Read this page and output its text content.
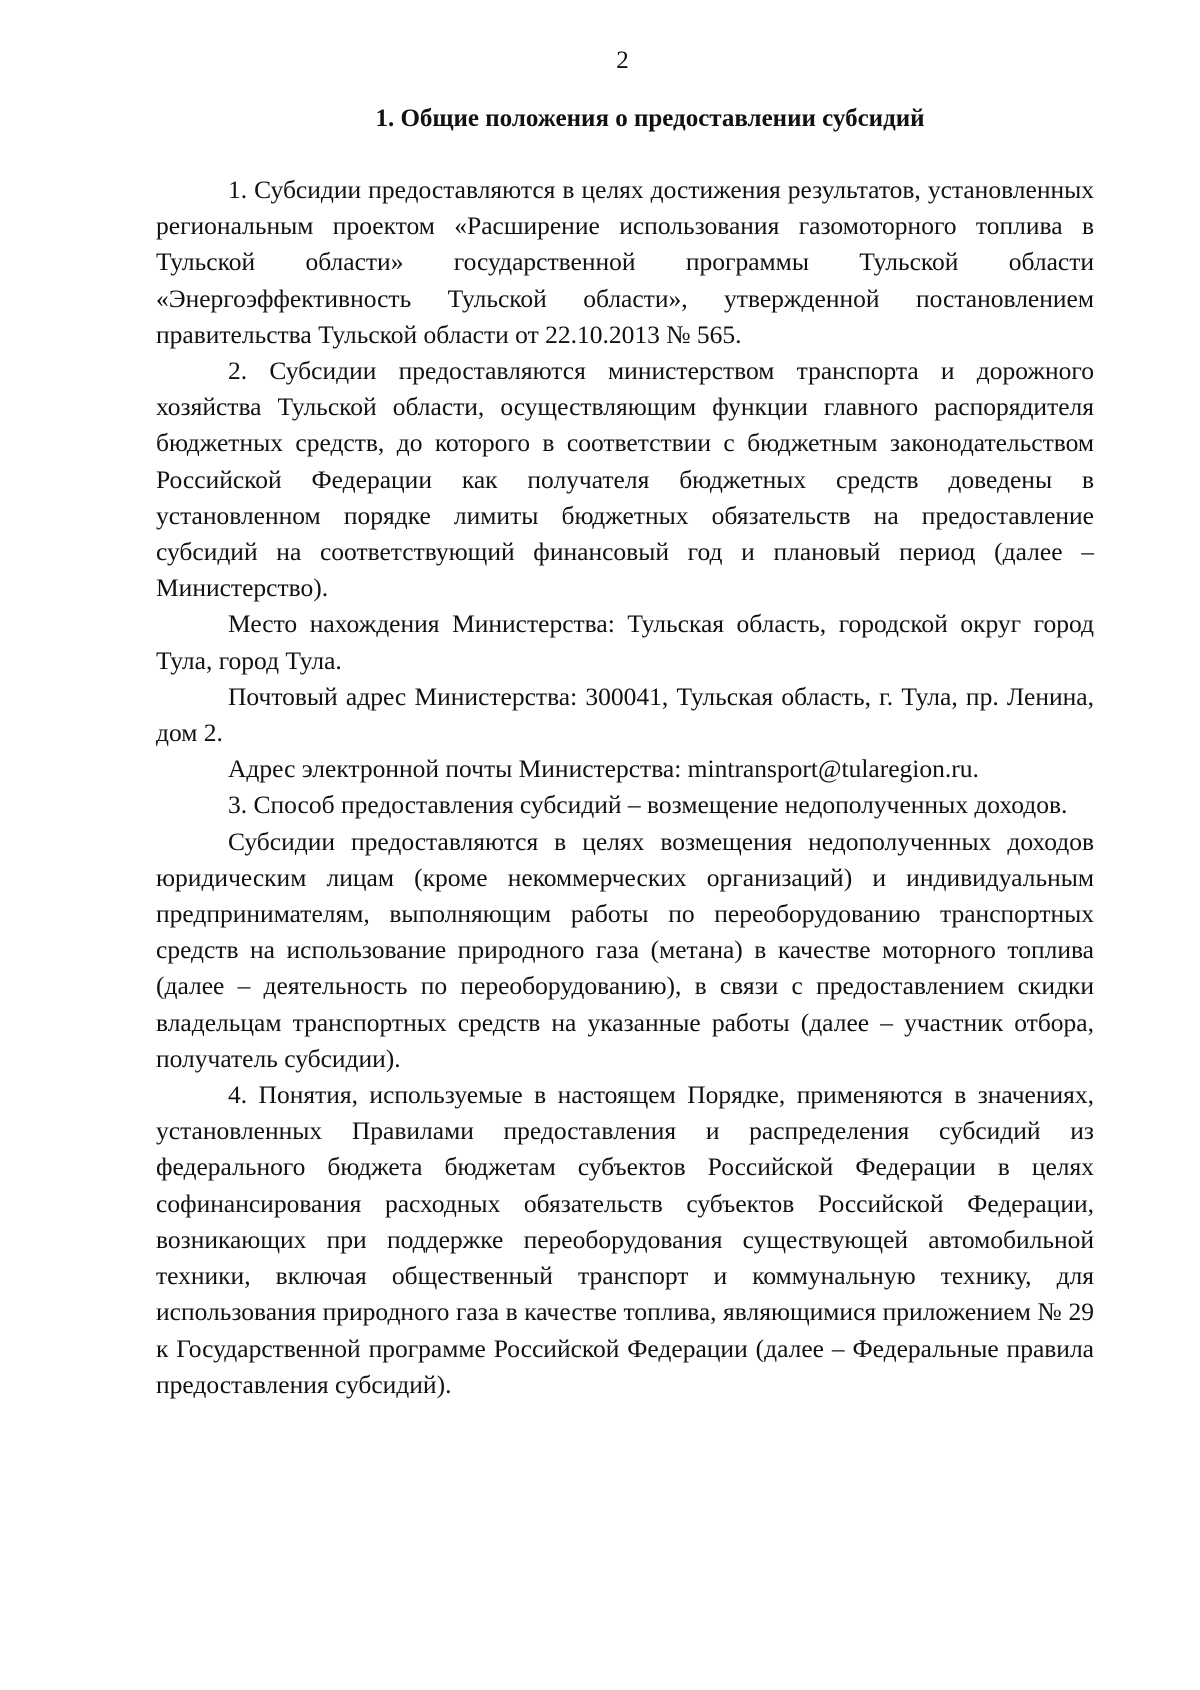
2
1. Общие положения о предоставлении субсидий

1. Субсидии предоставляются в целях достижения результатов, установленных региональным проектом «Расширение использования газомоторного топлива в Тульской области» государственной программы Тульской области «Энергоэффективность Тульской области», утвержденной постановлением правительства Тульской области от 22.10.2013 № 565.

2. Субсидии предоставляются министерством транспорта и дорожного хозяйства Тульской области, осуществляющим функции главного распорядителя бюджетных средств, до которого в соответствии с бюджетным законодательством Российской Федерации как получателя бюджетных средств доведены в установленном порядке лимиты бюджетных обязательств на предоставление субсидий на соответствующий финансовый год и плановый период (далее – Министерство).

Место нахождения Министерства: Тульская область, городской округ город Тула, город Тула.

Почтовый адрес Министерства: 300041, Тульская область, г. Тула, пр. Ленина, дом 2.

Адрес электронной почты Министерства: mintransport@tularegion.ru.

3. Способ предоставления субсидий – возмещение недополученных доходов.

Субсидии предоставляются в целях возмещения недополученных доходов юридическим лицам (кроме некоммерческих организаций) и индивидуальным предпринимателям, выполняющим работы по переоборудованию транспортных средств на использование природного газа (метана) в качестве моторного топлива (далее – деятельность по переоборудованию), в связи с предоставлением скидки владельцам транспортных средств на указанные работы (далее – участник отбора, получатель субсидии).

4. Понятия, используемые в настоящем Порядке, применяются в значениях, установленных Правилами предоставления и распределения субсидий из федерального бюджета бюджетам субъектов Российской Федерации в целях софинансирования расходных обязательств субъектов Российской Федерации, возникающих при поддержке переоборудования существующей автомобильной техники, включая общественный транспорт и коммунальную технику, для использования природного газа в качестве топлива, являющимися приложением № 29 к Государственной программе Российской Федерации (далее – Федеральные правила предоставления субсидий).
